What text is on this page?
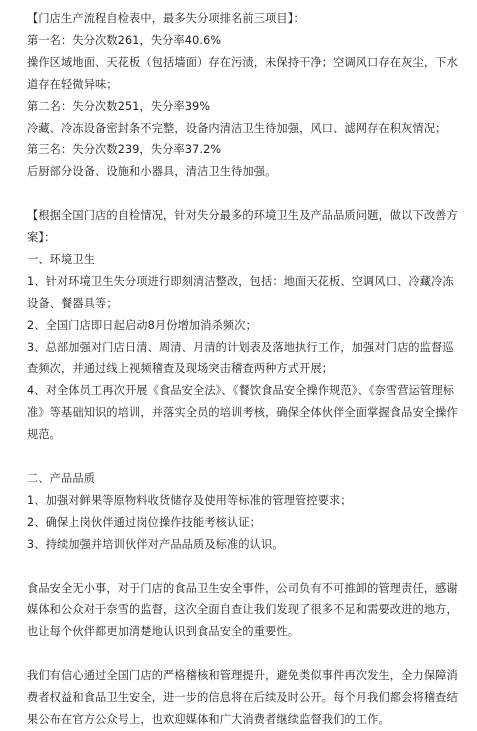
【门店生产流程自检表中，最多失分项排名前三项目】：
第一名：失分次数261，失分率40.6%
操作区域地面、天花板（包括墙面）存在污渍，未保持干净；空调风口存在灰尘，下水道存在轻微异味；
第二名：失分次数251，失分率39%
冷藏、冷冻设备密封条不完整，设备内清洁卫生待加强，风口、滤网存在积灰情况；
第三名：失分次数239，失分率37.2%
后厨部分设备、设施和小器具，清洁卫生待加强。
【根据全国门店的自检情况，针对失分最多的环境卫生及产品品质问题，做以下改善方案】：
一、环境卫生
1、针对环境卫生失分项进行即刻清洁整改，包括：地面天花板、空调风口、冷藏冷冻设备、餐器具等；
2、全国门店即日起启动8月份增加消杀频次；
3、总部加强对门店日清、周清、月清的计划表及落地执行工作，加强对门店的监督巡查频次，并通过线上视频稽查及现场突击稽查两种方式开展；
4、对全体员工再次开展《食品安全法》、《餐饮食品安全操作规范》、《奈雪营运管理标准》等基础知识的培训，并落实全员的培训考核，确保全体伙伴全面掌握食品安全操作规范。
二、产品品质
1、加强对鲜果等原物料收货储存及使用等标准的管理管控要求；
2、确保上岗伙伴通过岗位操作技能考核认证；
3、持续加强并培训伙伴对产品品质及标准的认识。
食品安全无小事，对于门店的食品卫生安全事件，公司负有不可推卸的管理责任，感谢媒体和公众对于奈雪的监督，这次全面自查让我们发现了很多不足和需要改进的地方，也让每个伙伴都更加清楚地认识到食品安全的重要性。
我们有信心通过全国门店的严格稽核和管理提升，避免类似事件再次发生，全力保障消费者权益和食品卫生安全，进一步的信息将在后续及时公开。每个月我们都会将稽查结果公布在官方公众号上，也欢迎媒体和广大消费者继续监督我们的工作。
